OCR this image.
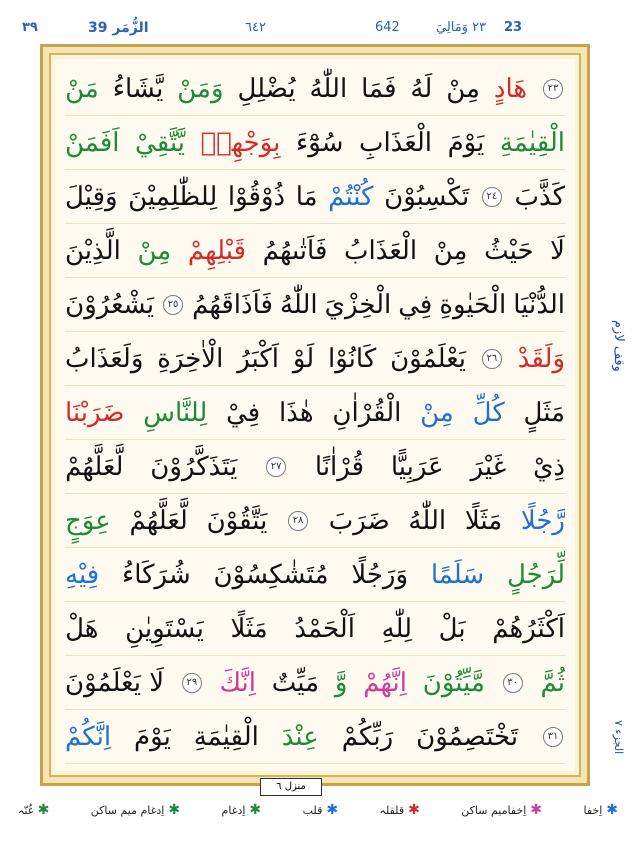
٣٩	39 الزُّمَر	٦٤٢	642	٢٣ وَمَالِيَ 23
٢٣
هَادٍ
مِنْ
لَهُ
فَمَا
اللّٰهُ
يُضْلِلِ
وَمَنْ
يَّشَاءُ
مَنْ
الْقِيٰمَةِ
يَوْمَ
الْعَذَابِ
سُوْٓءَ
بِوَجْهِهٖ
يَّتَّقِيْ
اَفَمَنْ
كَذَّبَ
٢٤
تَكْسِبُوْنَ
كُنْتُمْ
مَا
ذُوْقُوْا
لِلظّٰلِمِيْنَ
وَقِيْلَ
لَا
حَيْثُ
مِنْ
الْعَذَابُ
فَاَتٰىهُمُ
قَبْلِهِمْ
مِنْ
الَّذِيْنَ
الدُّنْيَا
الْحَيٰوةِ
فِي
الْخِزْيَ
اللّٰهُ
فَاَذَاقَهُمُ
٢٥
يَشْعُرُوْنَ
وَلَقَدْ
٢٦
يَعْلَمُوْنَ
كَانُوْا
لَوْ
اَكْبَرُ
الْاٰخِرَةِ
وَلَعَذَابُ
مَثَلٍ
كُلِّ
مِنْ
الْقُرْاٰنِ
هٰذَا
فِيْ
لِلنَّاسِ
ضَرَبْنَا
ذِيْ
غَيْرَ
عَرَبِيًّا
قُرْاٰنًا
٢٧
يَتَذَكَّرُوْنَ
لَّعَلَّهُمْ
رَّجُلًا
مَثَلًا
اللّٰهُ
ضَرَبَ
٢٨
يَتَّقُوْنَ
لَّعَلَّهُمْ
عِوَجٍ
لِّرَجُلٍ
سَلَمًا
وَرَجُلًا
مُتَشٰكِسُوْنَ
شُرَكَاءُ
فِيْهِ
اَكْثَرُهُمْ
بَلْ
لِلّٰهِ
اَلْحَمْدُ
مَثَلًا
يَسْتَوِيٰنِ
هَلْ
ثُمَّ
٣٠
مَّيِّتُوْنَ
اِنَّهُمْ
وَّ
مَيِّتٌ
اِنَّكَ
٢٩
لَا يَعْلَمُوْنَ
٣١
تَخْتَصِمُوْنَ
رَبِّكُمْ
عِنْدَ
الْقِيٰمَةِ
يَوْمَ
اِنَّكُمْ
وقف لازم
الجزء ٧
منزل ٦
✱
اِخفا
✱
اِخفامیم ساکن
✱
قلقلہ
✱
قلب
✱
اِدغام
✱
اِدغام میم ساکن
✱
غُنّہ
